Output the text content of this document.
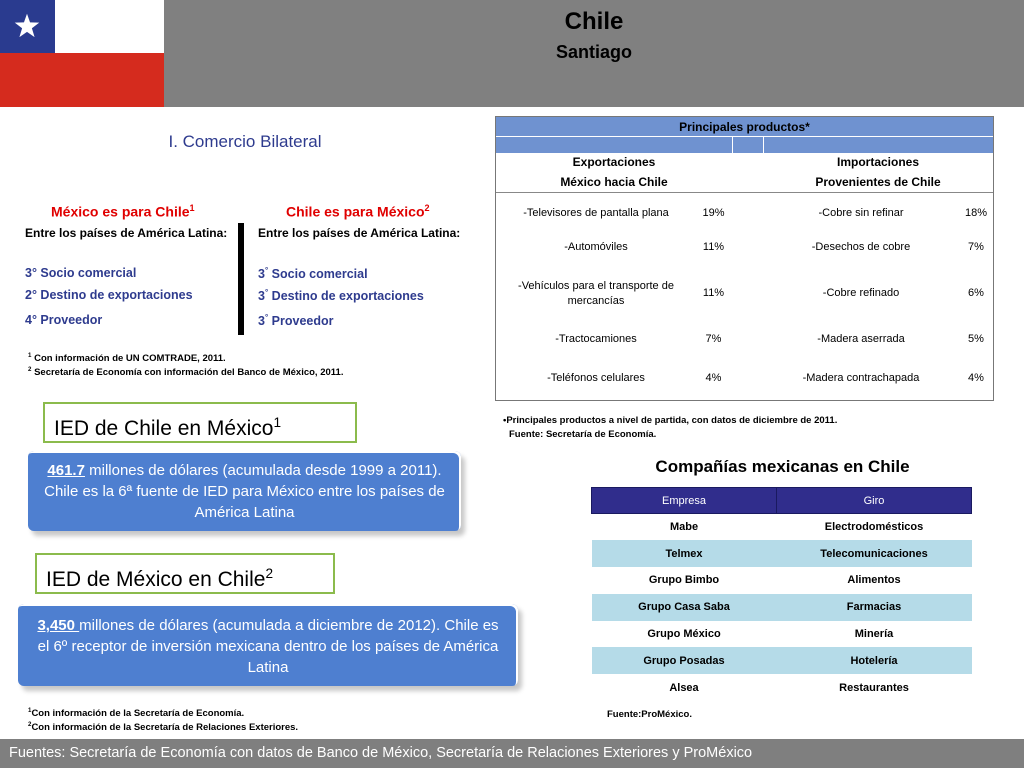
Chile
Santiago
I. Comercio Bilateral
México es para Chile$^1$
Entre los países de América Latina:
3° Socio comercial
2° Destino de exportaciones
4° Proveedor
Chile es para México$^2$
Entre los países de América Latina:
3° Socio comercial
3° Destino de exportaciones
3° Proveedor
$^1$ Con información de UN COMTRADE, 2011.
$^2$ Secretaría de Economía con información del Banco de México, 2011.
Principales productos*
Exportaciones
México hacia Chile
Importaciones
Provenientes de Chile
-Televisores de pantalla plana	19%	-Cobre sin refinar	18%
-Automóviles	11%	-Desechos de cobre	7%
-Vehículos para el transporte de mercancías
11%	-Cobre refinado	6%
-Tractocamiones	7%	-Madera aserrada	5%
-Teléfonos celulares	4%	-Madera contrachapada	4%
•Principales productos a nivel de partida, con datos de diciembre de 2011.
Fuente: Secretaría de Economía.
IED de Chile en México$^1$
461.7 millones de dólares (acumulada desde 1999 a 2011). Chile es la 6ª fuente de IED para México entre los países de América Latina
IED de México en Chile$^2$
3,450 millones de dólares (acumulada a diciembre de 2012). Chile es el 6º receptor de inversión mexicana dentro de los países de América Latina
$^1$Con información de la Secretaría de Economía.
$^2$Con información de la Secretaría de Relaciones Exteriores.
Compañías mexicanas en Chile
Empresa	Giro
Mabe	Electrodomésticos
Telmex	Telecomunicaciones
Grupo Bimbo	Alimentos
Grupo Casa Saba	Farmacias
Grupo México	Minería
Grupo Posadas	Hotelería
Alsea	Restaurantes
Fuente:ProMéxico.
Fuentes: Secretaría de Economía con datos de Banco de México, Secretaría de Relaciones Exteriores y ProMéxico
